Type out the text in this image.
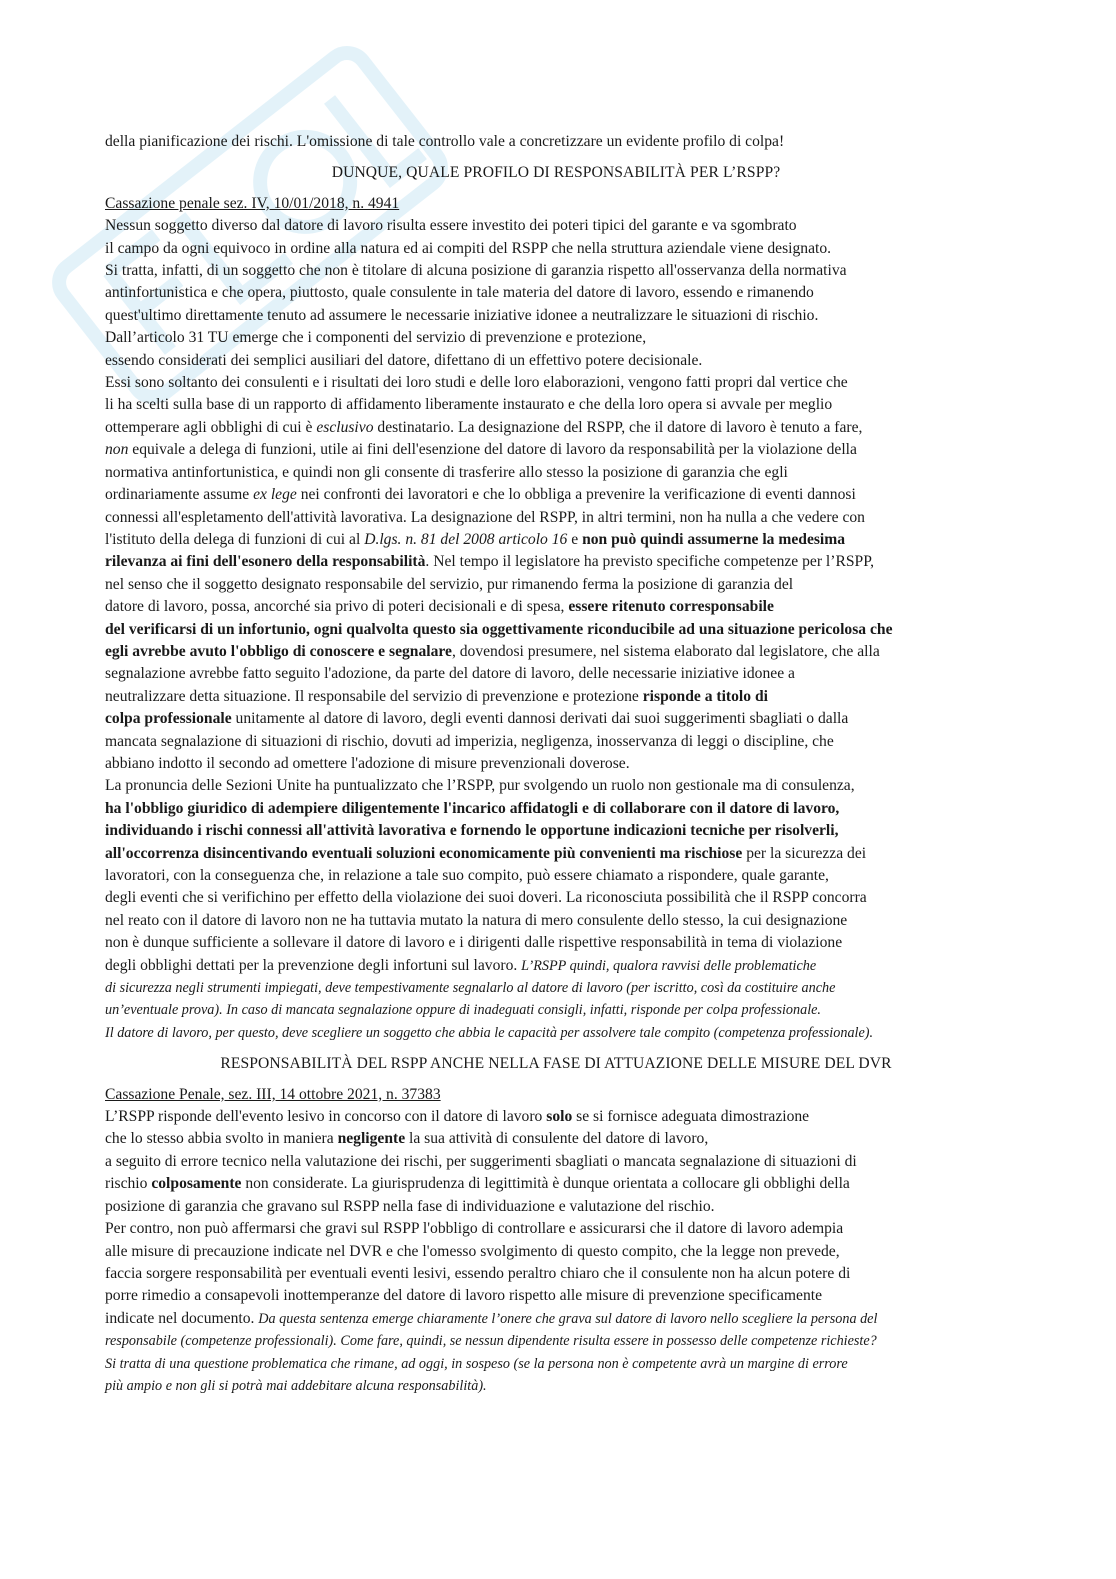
della pianificazione dei rischi. L'omissione di tale controllo vale a concretizzare un evidente profilo di colpa!
DUNQUE, QUALE PROFILO DI RESPONSABILITÀ PER L’RSPP?
Cassazione penale sez. IV, 10/01/2018, n. 4941
Nessun soggetto diverso dal datore di lavoro risulta essere investito dei poteri tipici del garante e va sgombrato
il campo da ogni equivoco in ordine alla natura ed ai compiti del RSPP che nella struttura aziendale viene designato.
Si tratta, infatti, di un soggetto che non è titolare di alcuna posizione di garanzia rispetto all'osservanza della normativa
antinfortunistica e che opera, piuttosto, quale consulente in tale materia del datore di lavoro, essendo e rimanendo
quest'ultimo direttamente tenuto ad assumere le necessarie iniziative idonee a neutralizzare le situazioni di rischio.
Dall’articolo 31 TU emerge che i componenti del servizio di prevenzione e protezione,
essendo considerati dei semplici ausiliari del datore, difettano di un effettivo potere decisionale.
Essi sono soltanto dei consulenti e i risultati dei loro studi e delle loro elaborazioni, vengono fatti propri dal vertice che
li ha scelti sulla base di un rapporto di affidamento liberamente instaurato e che della loro opera si avvale per meglio
ottemperare agli obblighi di cui è esclusivo destinatario. La designazione del RSPP, che il datore di lavoro è tenuto a fare,
non equivale a delega di funzioni, utile ai fini dell'esenzione del datore di lavoro da responsabilità per la violazione della
normativa antinfortunistica, e quindi non gli consente di trasferire allo stesso la posizione di garanzia che egli
ordinariamente assume ex lege nei confronti dei lavoratori e che lo obbliga a prevenire la verificazione di eventi dannosi
connessi all'espletamento dell'attività lavorativa. La designazione del RSPP, in altri termini, non ha nulla a che vedere con
l'istituto della delega di funzioni di cui al D.lgs. n. 81 del 2008 articolo 16 e non può quindi assumerne la medesima
rilevanza ai fini dell'esonero della responsabilità. Nel tempo il legislatore ha previsto specifiche competenze per l’RSPP,
nel senso che il soggetto designato responsabile del servizio, pur rimanendo ferma la posizione di garanzia del
datore di lavoro, possa, ancorché sia privo di poteri decisionali e di spesa, essere ritenuto corresponsabile
del verificarsi di un infortunio, ogni qualvolta questo sia oggettivamente riconducibile ad una situazione pericolosa che
egli avrebbe avuto l'obbligo di conoscere e segnalare, dovendosi presumere, nel sistema elaborato dal legislatore, che alla
segnalazione avrebbe fatto seguito l'adozione, da parte del datore di lavoro, delle necessarie iniziative idonee a
neutralizzare detta situazione. Il responsabile del servizio di prevenzione e protezione risponde a titolo di
colpa professionale unitamente al datore di lavoro, degli eventi dannosi derivati dai suoi suggerimenti sbagliati o dalla
mancata segnalazione di situazioni di rischio, dovuti ad imperizia, negligenza, inosservanza di leggi o discipline, che
abbiano indotto il secondo ad omettere l'adozione di misure prevenzionali doverose.
La pronuncia delle Sezioni Unite ha puntualizzato che l’RSPP, pur svolgendo un ruolo non gestionale ma di consulenza,
ha l'obbligo giuridico di adempiere diligentemente l'incarico affidatogli e di collaborare con il datore di lavoro,
individuando i rischi connessi all'attività lavorativa e fornendo le opportune indicazioni tecniche per risolverli,
all'occorrenza disincentivando eventuali soluzioni economicamente più convenienti ma rischiose per la sicurezza dei
lavoratori, con la conseguenza che, in relazione a tale suo compito, può essere chiamato a rispondere, quale garante,
degli eventi che si verifichino per effetto della violazione dei suoi doveri. La riconosciuta possibilità che il RSPP concorra
nel reato con il datore di lavoro non ne ha tuttavia mutato la natura di mero consulente dello stesso, la cui designazione
non è dunque sufficiente a sollevare il datore di lavoro e i dirigenti dalle rispettive responsabilità in tema di violazione
degli obblighi dettati per la prevenzione degli infortuni sul lavoro. L’RSPP quindi, qualora ravvisi delle problematiche
di sicurezza negli strumenti impiegati, deve tempestivamente segnalarlo al datore di lavoro (per iscritto, così da costituire anche
un’eventuale prova). In caso di mancata segnalazione oppure di inadeguati consigli, infatti, risponde per colpa professionale.
Il datore di lavoro, per questo, deve scegliere un soggetto che abbia le capacità per assolvere tale compito (competenza professionale).
RESPONSABILITÀ DEL RSPP ANCHE NELLA FASE DI ATTUAZIONE DELLE MISURE DEL DVR
Cassazione Penale, sez. III, 14 ottobre 2021, n. 37383
L’RSPP risponde dell'evento lesivo in concorso con il datore di lavoro solo se si fornisce adeguata dimostrazione
che lo stesso abbia svolto in maniera negligente la sua attività di consulente del datore di lavoro,
a seguito di errore tecnico nella valutazione dei rischi, per suggerimenti sbagliati o mancata segnalazione di situazioni di
rischio colposamente non considerate. La giurisprudenza di legittimità è dunque orientata a collocare gli obblighi della
posizione di garanzia che gravano sul RSPP nella fase di individuazione e valutazione del rischio.
Per contro, non può affermarsi che gravi sul RSPP l'obbligo di controllare e assicurarsi che il datore di lavoro adempia
alle misure di precauzione indicate nel DVR e che l'omesso svolgimento di questo compito, che la legge non prevede,
faccia sorgere responsabilità per eventuali eventi lesivi, essendo peraltro chiaro che il consulente non ha alcun potere di
porre rimedio a consapevoli inottemperanze del datore di lavoro rispetto alle misure di prevenzione specificamente
indicate nel documento. Da questa sentenza emerge chiaramente l’onere che grava sul datore di lavoro nello scegliere la persona del
responsabile (competenze professionali). Come fare, quindi, se nessun dipendente risulta essere in possesso delle competenze richieste?
Si tratta di una questione problematica che rimane, ad oggi, in sospeso (se la persona non è competente avrà un margine di errore
più ampio e non gli si potrà mai addebitare alcuna responsabilità).
